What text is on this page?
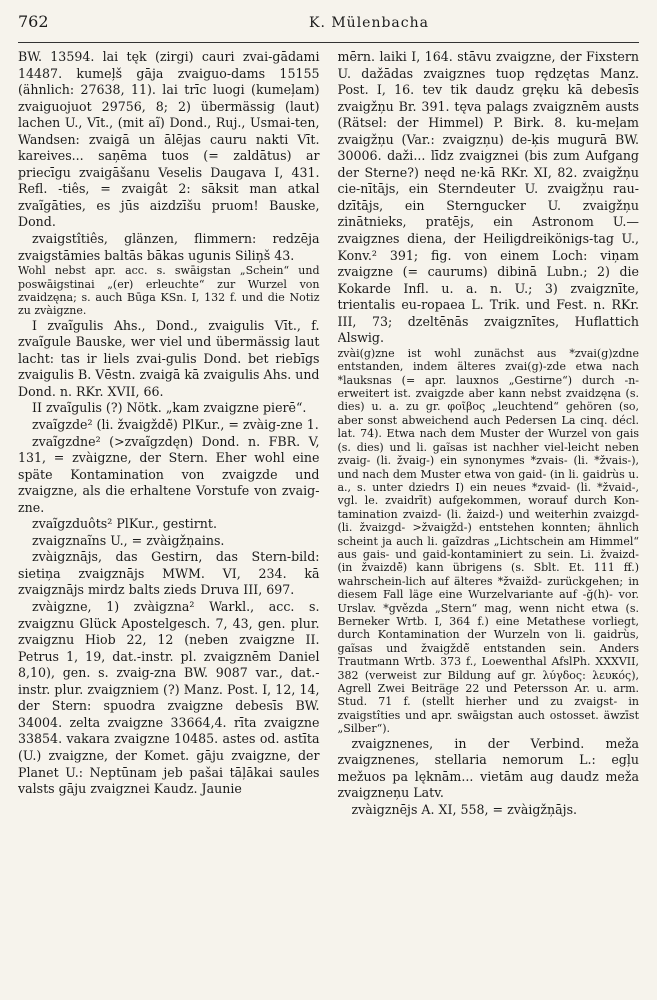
762	K. Mülenbacha

BW. 13594. lai tęk (zirgi) cauri zvai-gādami 14487. kumeļš gāja zvaiguo-dams 15155 (ähnlich: 27638, 11). lai trīc luogi (kumeļam) zvaiguojuot 29756, 8; 2) übermässig (laut) lachen U., Vīt., (mit aĩ) Dond., Ruj., Usmai-ten, Wandsen: zvaigā un ālējas cauru nakti Vīt. kareives... saņēma tuos (= zaldātus) ar priecīgu zvaigāšanu Veselis Daugava I, 431. Refl. -tiês, = zvaigât 2: sāksit man atkal zvaĩgāties, es jūs aizdzīšu pruom! Bauske, Dond.

zvaigstîtiês, glänzen, flimmern: redzēja zvaigstāmies baltās bākas ugunis Siliņš 43.

Wohl nebst apr. acc. s. swāigstan „Schein“ und poswāigstinai „(er) erleuchte“ zur Wurzel von zvaidzęna; s. auch Būga KSn. I, 132 f. und die Notiz zu zvàigzne.

I zvaĩgulis Ahs., Dond., zvaigulis Vīt., f. zvaĩgule Bauske, wer viel und übermässig laut lacht: tas ir liels zvai-gulis Dond. bet riebīgs zvaigulis B. Vēstn. zvaigā kā zvaigulis Ahs. und Dond. n. RKr. XVII, 66.

II zvaĩgulis (?) Nötk. „kam zvaigzne pierē“.

zvaĩgzde² (li. žvaigždė̃) PlKur., = zvàig-zne 1.

zvaĩgzdne² (>zvaĩgzdęn) Dond. n. FBR. V, 131, = zvàigzne, der Stern. Eher wohl eine späte Kontamination von zvaigzde und zvaigzne, als die erhaltene Vorstufe von zvaig-zne.

zvaĩgzduôts² PlKur., gestirnt.

zvaigznaĩns U., = zvàigžņains.

zvàigznājs, das Gestirn, das Stern-bild: sietiņa zvaigznājs MWM. VI, 234. kā zvaigznājs mirdz balts zieds Druva III, 697.

zvàigzne, 1) zvàigzna² Warkl., acc. s. zvaigznu Glück Apostelgesch. 7, 43, gen. plur. zvaigznu Hiob 22, 12 (neben zvaigzne II. Petrus 1, 19, dat.-instr. pl. zvaigznēm Daniel 8,10), gen. s. zvaig-zna BW. 9087 var., dat.-instr. plur. zvaigzniem (?) Manz. Post. I, 12, 14, der Stern: spuodra zvaigzne debesīs BW. 34004. zelta zvaigzne 33664,4. rīta zvaigzne 33854. vakara zvaigzne 10485. astes od. astīta (U.) zvaigzne, der Komet. gāju zvaigzne, der Planet U.: Neptūnam jeb pašai tāļākai saules valsts gāju zvaigznei Kaudz. Jaunie

mērn. laiki I, 164. stāvu zvaigzne, der Fixstern U. dažādas zvaigznes tuop rędzętas Manz. Post. I, 16. tev tik daudz gręku kā debesīs zvaigžņu Br. 391. tęva palags zvaigznēm austs (Rätsel: der Himmel) P. Birk. 8. ku-meļam zvaigžņu (Var.: zvaigzņu) de-ķis mugurā BW. 30006. daži... līdz zvaigznei (bis zum Aufgang der Sterne?) neęd ne·kā RKr. XI, 82. zvaigžņu cie-nītājs, ein Sterndeuter U. zvaigžņu rau-dzītājs, ein Sterngucker U. zvaigžņu zinātnieks, pratējs, ein Astronom U.— zvaigznes diena, der Heiligdreikönigs-tag U., Konv.² 391; fig. von einem Loch: viņam zvaigzne (= caurums) dibinā Lubn.; 2) die Kokarde Infl. u. a. n. U.; 3) zvaigznīte, trientalis eu-ropaea L. Trik. und Fest. n. RKr. III, 73; dzeltēnās zvaigznītes, Huflattich Alswig.

zvài(g)zne ist wohl zunächst aus *zvai(g)zdne entstanden, indem älteres zvai(g)-zde etwa nach *lauksnas (= apr. lauxnos „Gestirne“) durch -n- erweitert ist. zvaigzde aber kann nebst zvaidzęna (s. dies) u. a. zu gr. φοῖβος „leuchtend“ gehören (so, aber sonst abweichend auch Pedersen La cinq. décl. lat. 74). Etwa nach dem Muster der Wurzel von gais (s. dies) und li. gaĩsas ist nachher viel-leicht neben zvaig- (li. žvaig-) ein synonymes *zvais- (li. *žvais-), und nach dem Muster etwa von gaid- (in li. gaidrùs u. a., s. unter dziedrs I) ein neues *zvaid- (li. *žvaid-, vgl. le. zvaidrīt) aufgekommen, worauf durch Kon-tamination zvaizd- (li. žaizd-) und weiterhin zvaizgd- (li. žvaizgd- >žvaigžd-) entstehen konnten; ähnlich scheint ja auch li. gaĩzdras „Lichtschein am Himmel“ aus gais- und gaid-kontaminiert zu sein. Li. žvaizd- (in žvaizdė̃) kann übrigens (s. Sblt. Et. 111 ff.) wahrschein-lich auf älteres *žvaižd- zurückgehen; in diesem Fall läge eine Wurzelvariante auf -ğ(h)- vor. Urslav. *gvězda „Stern“ mag, wenn nicht etwa (s. Berneker Wrtb. I, 364 f.) eine Metathese vorliegt, durch Kontamination der Wurzeln von li. gaidrùs, gaĩsas und žvaigždė̃ entstanden sein. Anders Trautmann Wrtb. 373 f., Loewenthal AfslPh. XXXVII, 382 (verweist zur Bildung auf gr. λύγδος: λευκός), Agrell Zwei Beiträge 22 und Petersson Ar. u. arm. Stud. 71 f. (stellt hierher und zu zvaigst- in zvaigstîties und apr. swāigstan auch ostosset. äwzīst „Silber“).

zvaigznenes, in der Verbind. meža zvaigznenes, stellaria nemorum L.: egļu mežuos pa lęknām... vietām aug daudz meža zvaigzneņu Latv.

zvàigznējs A. XI, 558, = zvàigžņājs.
